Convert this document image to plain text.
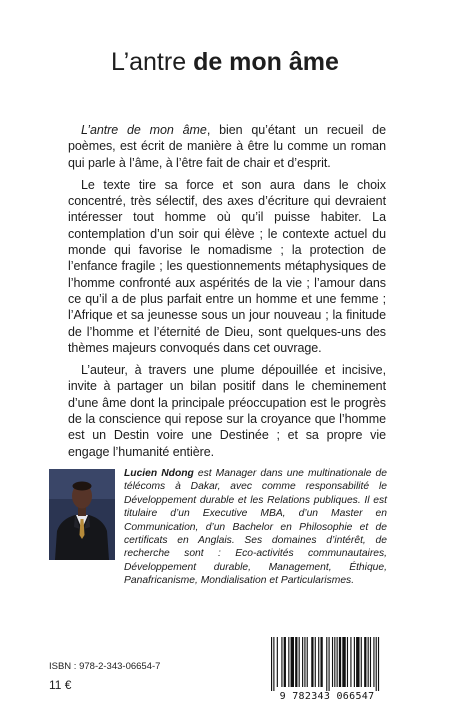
L’antre de mon âme

L’antre de mon âme, bien qu’étant un recueil de poèmes, est écrit de manière à être lu comme un roman qui parle à l’âme, à l’être fait de chair et d’esprit.

Le texte tire sa force et son aura dans le choix concentré, très sélectif, des axes d’écriture qui devraient intéresser tout homme où qu’il puisse habiter. La contemplation d’un soir qui élève ; le contexte actuel du monde qui favorise le nomadisme ; la protection de l’enfance fragile ; les questionnements métaphysiques de l’homme confronté aux aspérités de la vie ; l’amour dans ce qu’il a de plus parfait entre un homme et une femme ; l’Afrique et sa jeunesse sous un jour nouveau ; la finitude de l’homme et l’éternité de Dieu, sont quelques-uns des thèmes majeurs convoqués dans cet ouvrage.

L’auteur, à travers une plume dépouillée et incisive, invite à partager un bilan positif dans le cheminement d’une âme dont la principale préoccupation est le progrès de la conscience qui repose sur la croyance que l’homme est un Destin voire une Destinée ; et sa propre vie engage l’humanité entière.

Lucien Ndong est Manager dans une multinationale de télécoms à Dakar, avec comme responsabilité le Développement durable et les Relations publiques. Il est titulaire d’un Executive MBA, d’un Master en Communication, d’un Bachelor en Philosophie et de certificats en Anglais. Ses domaines d’intérêt, de recherche sont : Eco-activités communautaires, Développement durable, Management, Éthique, Panafricanisme, Mondialisation et Particularismes.
ISBN : 978-2-343-06654-7
11 €
9 782343 066547
